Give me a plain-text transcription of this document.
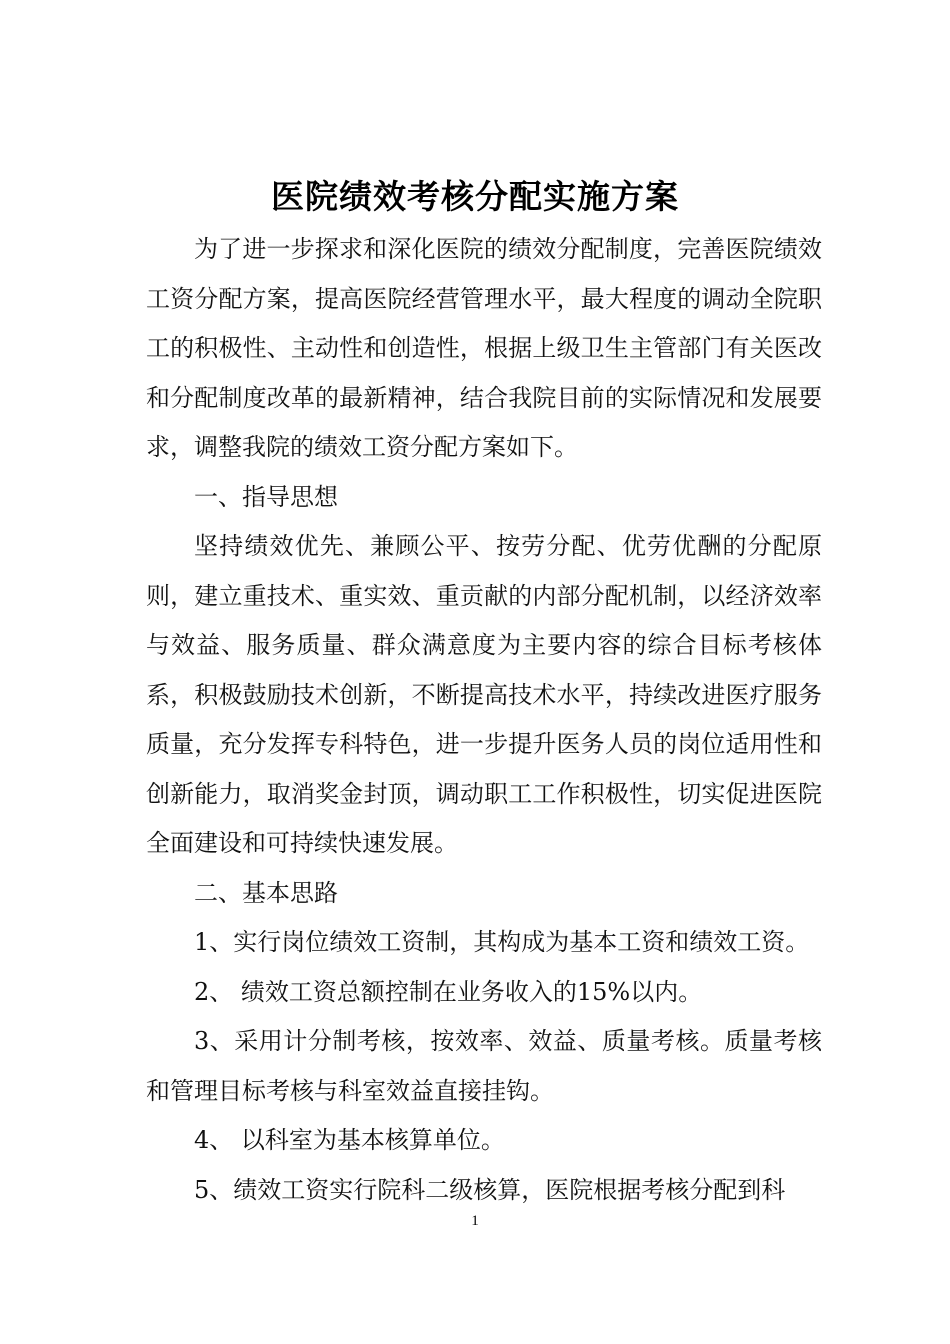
医院绩效考核分配实施方案

为了进一步探求和深化医院的绩效分配制度，完善医院绩效工资分配方案，提高医院经营管理水平，最大程度的调动全院职工的积极性、主动性和创造性，根据上级卫生主管部门有关医改和分配制度改革的最新精神，结合我院目前的实际情况和发展要求，调整我院的绩效工资分配方案如下。

一、指导思想

坚持绩效优先、兼顾公平、按劳分配、优劳优酬的分配原则，建立重技术、重实效、重贡献的内部分配机制，以经济效率与效益、服务质量、群众满意度为主要内容的综合目标考核体系，积极鼓励技术创新，不断提高技术水平，持续改进医疗服务质量，充分发挥专科特色，进一步提升医务人员的岗位适用性和创新能力，取消奖金封顶，调动职工工作积极性，切实促进医院全面建设和可持续快速发展。

二、基本思路

1、实行岗位绩效工资制，其构成为基本工资和绩效工资。

2、 绩效工资总额控制在业务收入的15%以内。

3、采用计分制考核，按效率、效益、质量考核。质量考核和管理目标考核与科室效益直接挂钩。

4、 以科室为基本核算单位。

5、绩效工资实行院科二级核算，医院根据考核分配到科

1
